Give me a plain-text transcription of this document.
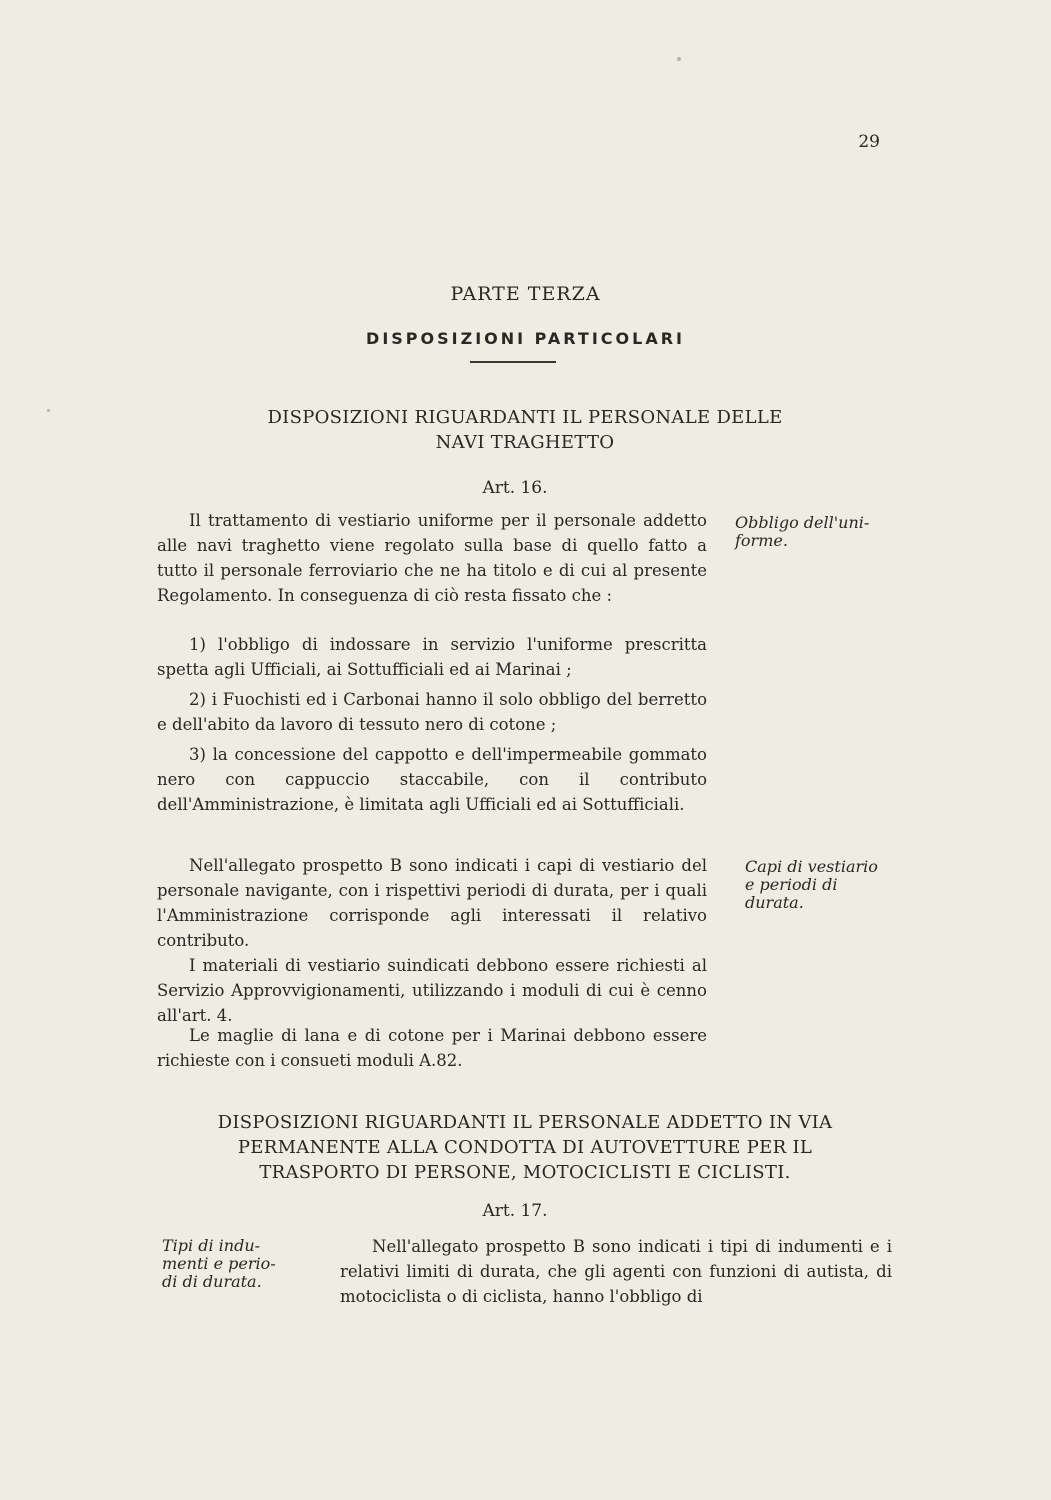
29
PARTE TERZA
DISPOSIZIONI PARTICOLARI
DISPOSIZIONI RIGUARDANTI IL PERSONALE DELLE
NAVI TRAGHETTO
Art. 16.
Obbligo dell'uni-
forme.

Il trattamento di vestiario uniforme per il personale addetto alle navi traghetto viene regolato sulla base di quello fatto a tutto il personale ferroviario che ne ha titolo e di cui al presente Regolamento. In conseguenza di ciò resta fissato che :

1) l'obbligo di indossare in servizio l'uniforme prescritta spetta agli Ufficiali, ai Sottufficiali ed ai Marinai ;

2) i Fuochisti ed i Carbonai hanno il solo obbligo del berretto e dell'abito da lavoro di tessuto nero di cotone ;

3) la concessione del cappotto e dell'impermeabile gommato nero con cappuccio staccabile, con il contributo dell'Amministrazione, è limitata agli Ufficiali ed ai Sottufficiali.

Capi di vestiario
e periodi di
durata.

Nell'allegato prospetto B sono indicati i capi di vestiario del personale navigante, con i rispettivi periodi di durata, per i quali l'Amministrazione corrisponde agli interessati il relativo contributo.

I materiali di vestiario suindicati debbono essere richiesti al Servizio Approvvigionamenti, utilizzando i moduli di cui è cenno all'art. 4.

Le maglie di lana e di cotone per i Marinai debbono essere richieste con i consueti moduli A.82.

DISPOSIZIONI RIGUARDANTI IL PERSONALE ADDETTO IN VIA
PERMANENTE ALLA CONDOTTA DI AUTOVETTURE PER IL
TRASPORTO DI PERSONE, MOTOCICLISTI E CICLISTI.
Art. 17.
Tipi di indu-
menti e perio-
di di durata.

Nell'allegato prospetto B sono indicati i tipi di indumenti e i relativi limiti di durata, che gli agenti con funzioni di autista, di motociclista o di ciclista, hanno l'obbligo di
